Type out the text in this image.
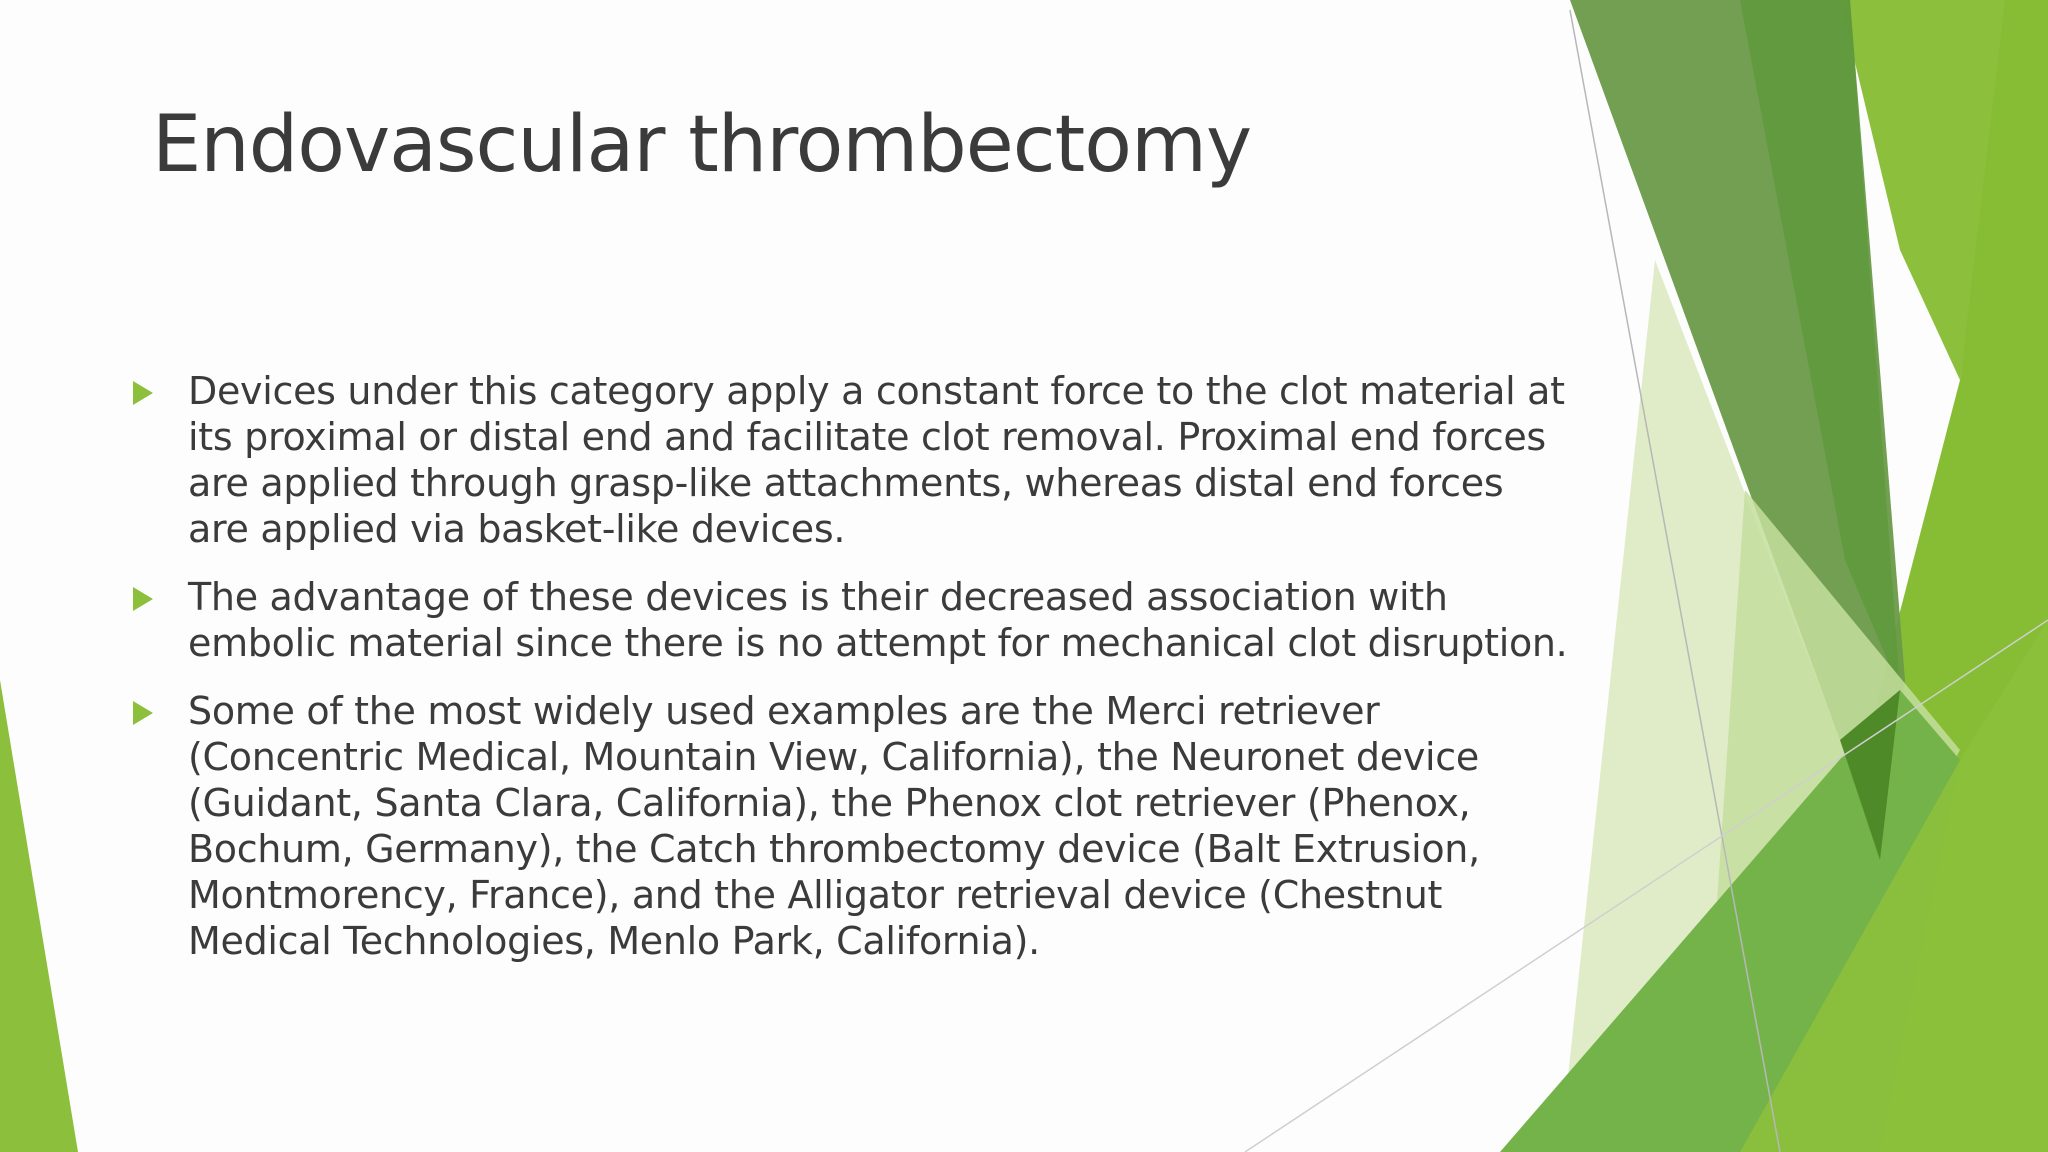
Endovascular thrombectomy
Devices under this category apply a constant force to the clot material at its proximal or distal end and facilitate clot removal. Proximal end forces are applied through grasp-like attachments, whereas distal end forces are applied via basket-like devices.
The advantage of these devices is their decreased association with embolic material since there is no attempt for mechanical clot disruption.
Some of the most widely used examples are the Merci retriever (Concentric Medical, Mountain View, California), the Neuronet device (Guidant, Santa Clara, California), the Phenox clot retriever (Phenox, Bochum, Germany), the Catch thrombectomy device (Balt Extrusion, Montmorency, France), and the Alligator retrieval device (Chestnut Medical Technologies, Menlo Park, California).
